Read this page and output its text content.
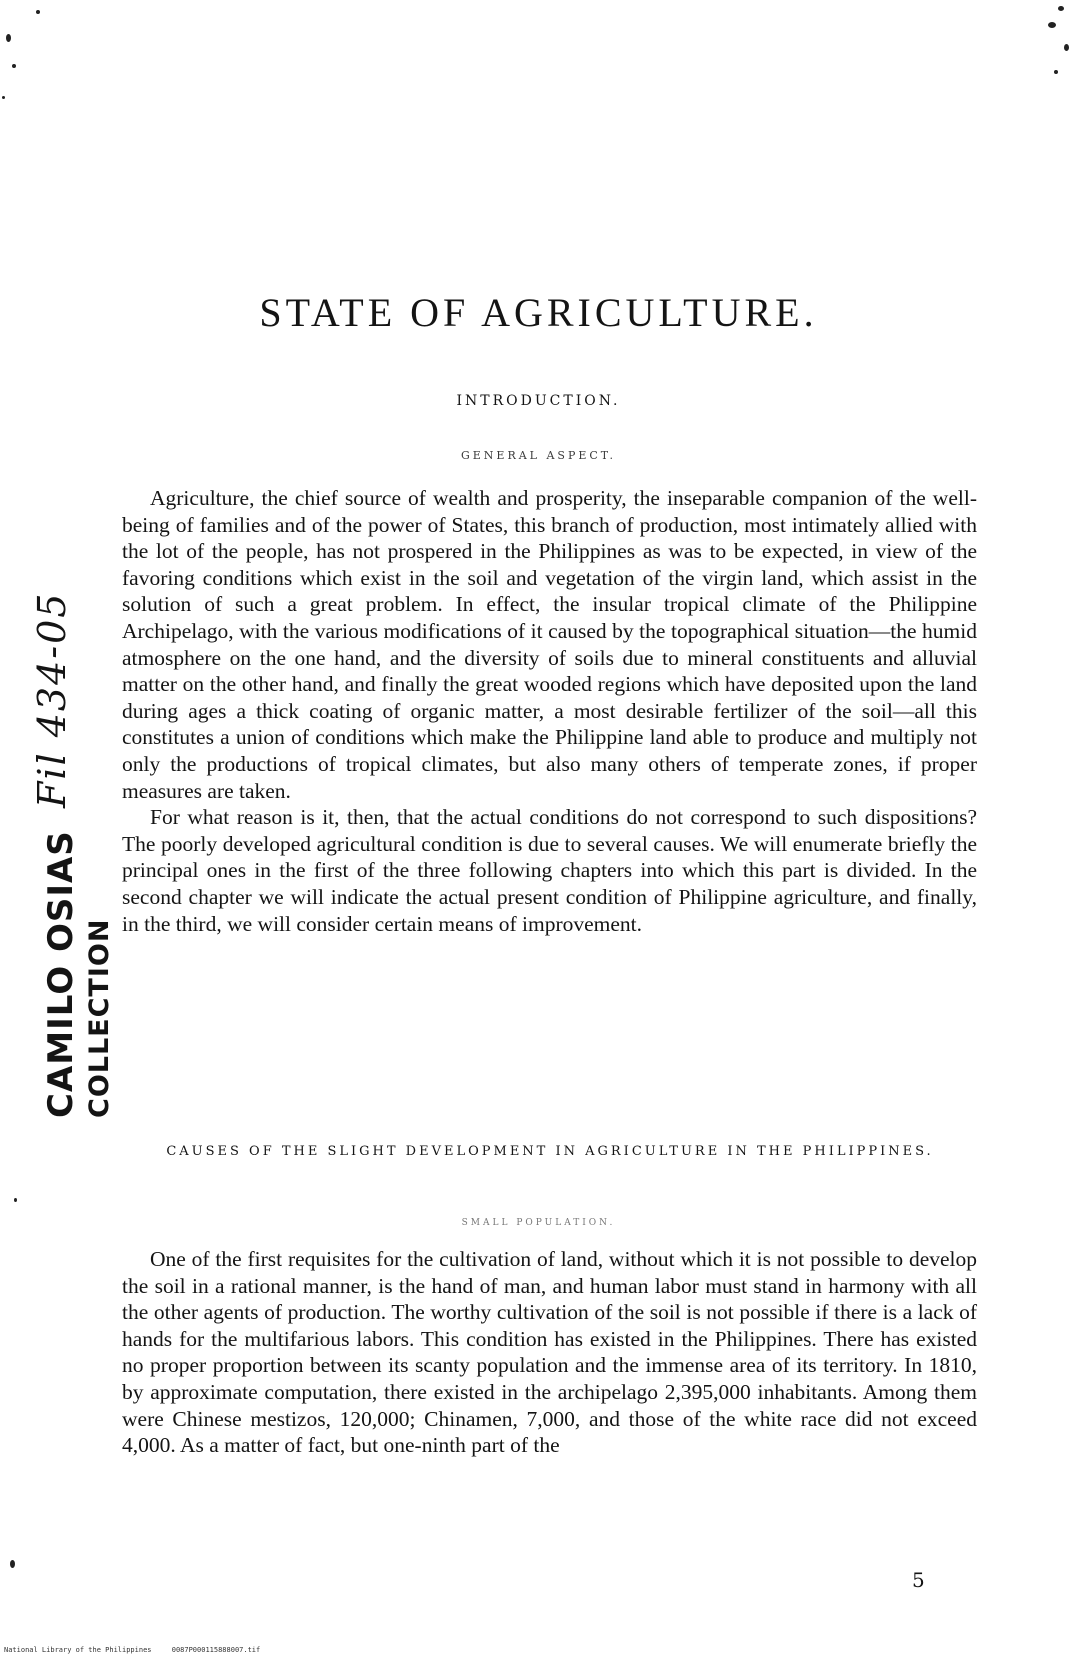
STATE OF AGRICULTURE.
INTRODUCTION.
GENERAL ASPECT.

Agriculture, the chief source of wealth and prosperity, the inseparable companion of the well-being of families and of the power of States, this branch of production, most intimately allied with the lot of the people, has not prospered in the Philippines as was to be expected, in view of the favoring conditions which exist in the soil and vegetation of the virgin land, which assist in the solution of such a great problem. In effect, the insular tropical climate of the Philippine Archipelago, with the various modifications of it caused by the topographical situation—the humid atmosphere on the one hand, and the diversity of soils due to mineral constituents and alluvial matter on the other hand, and finally the great wooded regions which have deposited upon the land during ages a thick coating of organic matter, a most desirable fertilizer of the soil—all this constitutes a union of conditions which make the Philippine land able to produce and multiply not only the productions of tropical climates, but also many others of temperate zones, if proper measures are taken.

For what reason is it, then, that the actual conditions do not correspond to such dispositions? The poorly developed agricultural condition is due to several causes. We will enumerate briefly the principal ones in the first of the three following chapters into which this part is divided. In the second chapter we will indicate the actual present condition of Philippine agriculture, and finally, in the third, we will consider certain means of improvement.

CAUSES OF THE SLIGHT DEVELOPMENT IN AGRICULTURE IN THE PHILIPPINES.
SMALL POPULATION.

One of the first requisites for the cultivation of land, without which it is not possible to develop the soil in a rational manner, is the hand of man, and human labor must stand in harmony with all the other agents of production. The worthy cultivation of the soil is not possible if there is a lack of hands for the multifarious labors. This condition has existed in the Philippines. There has existed no proper proportion between its scanty population and the immense area of its territory. In 1810, by approximate computation, there existed in the archipelago 2,395,000 inhabitants. Among them were Chinese mestizos, 120,000; Chinamen, 7,000, and those of the white race did not exceed 4,000. As a matter of fact, but one-ninth part of the

5
Fil 434-05
CAMILO OSIAS COLLECTION
National Library of the Philippines	0087P000115888007.tif
